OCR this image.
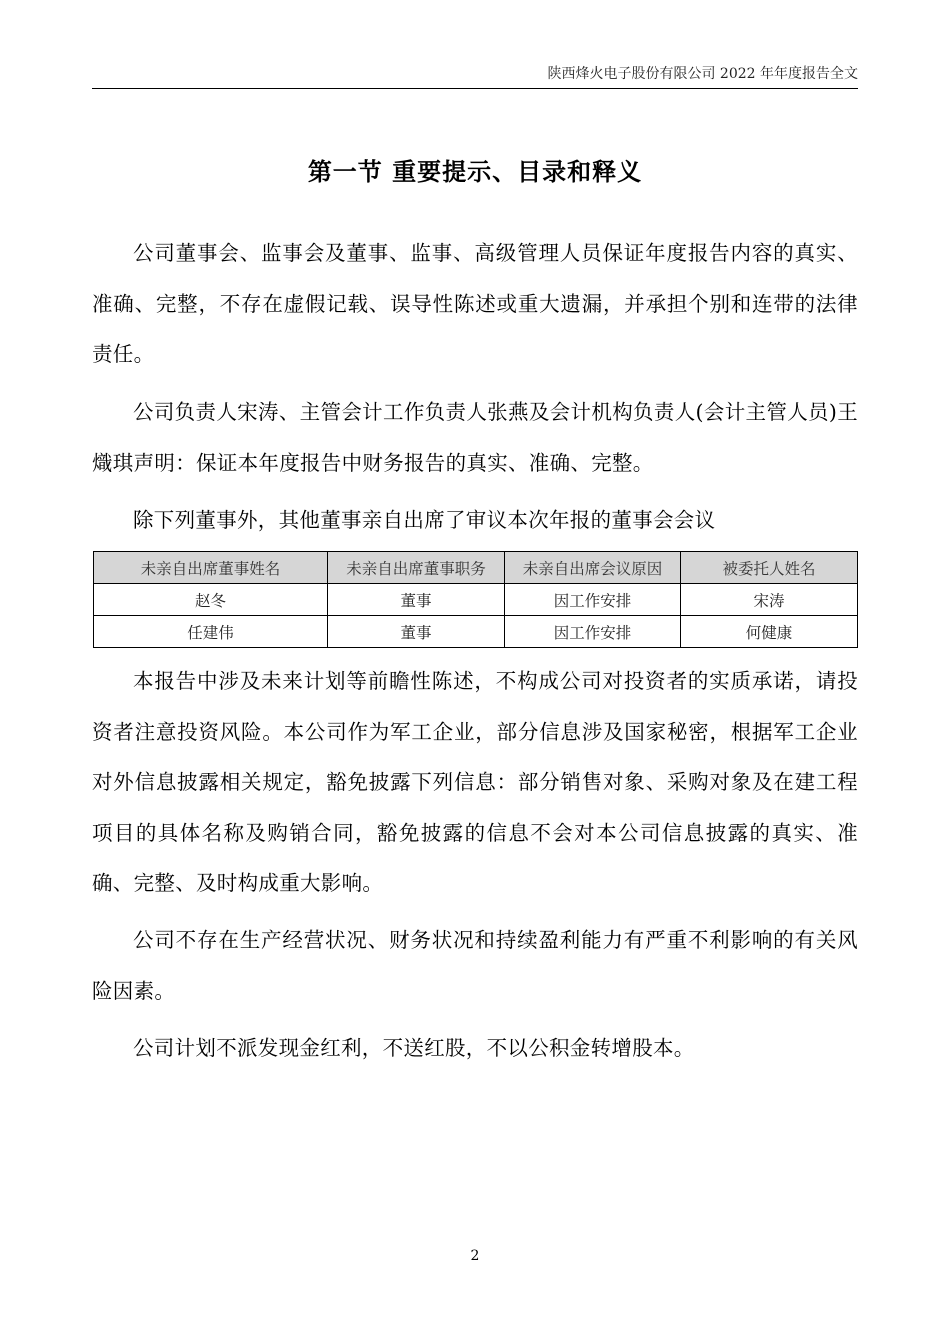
陕西烽火电子股份有限公司 2022 年年度报告全文
第一节 重要提示、目录和释义

公司董事会、监事会及董事、监事、高级管理人员保证年度报告内容的真实、准确、完整，不存在虚假记载、误导性陈述或重大遗漏，并承担个别和连带的法律责任。

公司负责人宋涛、主管会计工作负责人张燕及会计机构负责人(会计主管人员)王熾琪声明：保证本年度报告中财务报告的真实、准确、完整。

除下列董事外，其他董事亲自出席了审议本次年报的董事会会议

未亲自出席董事姓名	未亲自出席董事职务	未亲自出席会议原因	被委托人姓名
赵冬	董事	因工作安排	宋涛
任建伟	董事	因工作安排	何健康

本报告中涉及未来计划等前瞻性陈述，不构成公司对投资者的实质承诺，请投资者注意投资风险。本公司作为军工企业，部分信息涉及国家秘密，根据军工企业对外信息披露相关规定，豁免披露下列信息：部分销售对象、采购对象及在建工程项目的具体名称及购销合同，豁免披露的信息不会对本公司信息披露的真实、准确、完整、及时构成重大影响。

公司不存在生产经营状况、财务状况和持续盈利能力有严重不利影响的有关风险因素。

公司计划不派发现金红利，不送红股，不以公积金转增股本。

2
